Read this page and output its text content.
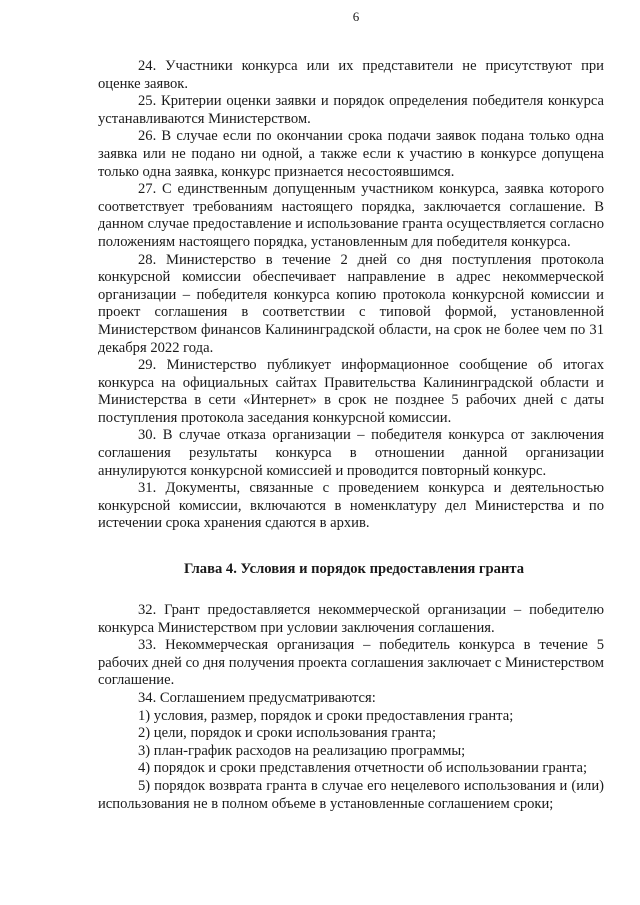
6

24. Участники конкурса или их представители не присутствуют при оценке заявок.

25. Критерии оценки заявки и порядок определения победителя конкурса устанавливаются Министерством.

26. В случае если по окончании срока подачи заявок подана только одна заявка или не подано ни одной, а также если к участию в конкурсе допущена только одна заявка, конкурс признается несостоявшимся.

27. С единственным допущенным участником конкурса, заявка которого соответствует требованиям настоящего порядка, заключается соглашение. В данном случае предоставление и использование гранта осуществляется согласно положениям настоящего порядка, установленным для победителя конкурса.

28. Министерство в течение 2 дней со дня поступления протокола конкурсной комиссии обеспечивает направление в адрес некоммерческой организации – победителя конкурса копию протокола конкурсной комиссии и проект соглашения в соответствии с типовой формой, установленной Министерством финансов Калининградской области, на срок не более чем по 31 декабря 2022 года.

29. Министерство публикует информационное сообщение об итогах конкурса на официальных сайтах Правительства Калининградской области и Министерства в сети «Интернет» в срок не позднее 5 рабочих дней с даты поступления протокола заседания конкурсной комиссии.

30. В случае отказа организации – победителя конкурса от заключения соглашения результаты конкурса в отношении данной организации аннулируются конкурсной комиссией и проводится повторный конкурс.

31. Документы, связанные с проведением конкурса и деятельностью конкурсной комиссии, включаются в номенклатуру дел Министерства и по истечении срока хранения сдаются в архив.

Глава 4. Условия и порядок предоставления гранта

32. Грант предоставляется некоммерческой организации – победителю конкурса Министерством при условии заключения соглашения.

33. Некоммерческая организация – победитель конкурса в течение 5 рабочих дней со дня получения проекта соглашения заключает с Министерством соглашение.

34. Соглашением предусматриваются:

1) условия, размер, порядок и сроки предоставления гранта;

2) цели, порядок и сроки использования гранта;

3) план-график расходов на реализацию программы;

4) порядок и сроки представления отчетности об использовании гранта;

5) порядок возврата гранта в случае его нецелевого использования и (или) использования не в полном объеме в установленные соглашением сроки;
